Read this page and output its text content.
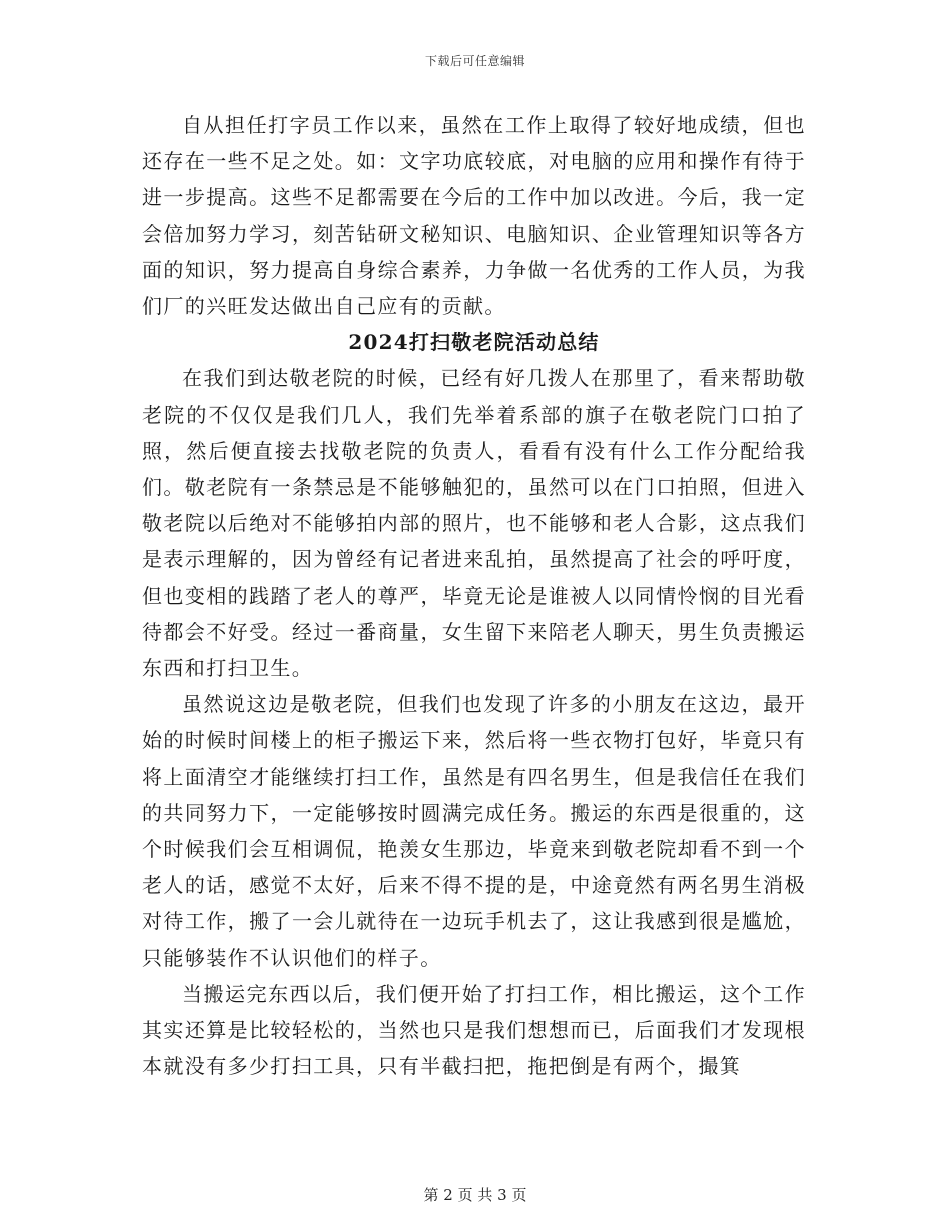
下载后可任意编辑

自从担任打字员工作以来，虽然在工作上取得了较好地成绩，但也还存在一些不足之处。如：文字功底较底，对电脑的应用和操作有待于进一步提高。这些不足都需要在今后的工作中加以改进。今后，我一定会倍加努力学习，刻苦钻研文秘知识、电脑知识、企业管理知识等各方面的知识，努力提高自身综合素养，力争做一名优秀的工作人员，为我们厂的兴旺发达做出自己应有的贡献。

2024打扫敬老院活动总结

在我们到达敬老院的时候，已经有好几拨人在那里了，看来帮助敬老院的不仅仅是我们几人，我们先举着系部的旗子在敬老院门口拍了照，然后便直接去找敬老院的负责人，看看有没有什么工作分配给我们。敬老院有一条禁忌是不能够触犯的，虽然可以在门口拍照，但进入敬老院以后绝对不能够拍内部的照片，也不能够和老人合影，这点我们是表示理解的，因为曾经有记者进来乱拍，虽然提高了社会的呼吁度，但也变相的践踏了老人的尊严，毕竟无论是谁被人以同情怜悯的目光看待都会不好受。经过一番商量，女生留下来陪老人聊天，男生负责搬运东西和打扫卫生。

虽然说这边是敬老院，但我们也发现了许多的小朋友在这边，最开始的时候时间楼上的柜子搬运下来，然后将一些衣物打包好，毕竟只有将上面清空才能继续打扫工作，虽然是有四名男生，但是我信任在我们的共同努力下，一定能够按时圆满完成任务。搬运的东西是很重的，这个时候我们会互相调侃，艳羡女生那边，毕竟来到敬老院却看不到一个老人的话，感觉不太好，后来不得不提的是，中途竟然有两名男生消极对待工作，搬了一会儿就待在一边玩手机去了，这让我感到很是尴尬，只能够装作不认识他们的样子。

当搬运完东西以后，我们便开始了打扫工作，相比搬运，这个工作其实还算是比较轻松的，当然也只是我们想想而已，后面我们才发现根本就没有多少打扫工具，只有半截扫把，拖把倒是有两个，撮箕

第 2 页 共 3 页
